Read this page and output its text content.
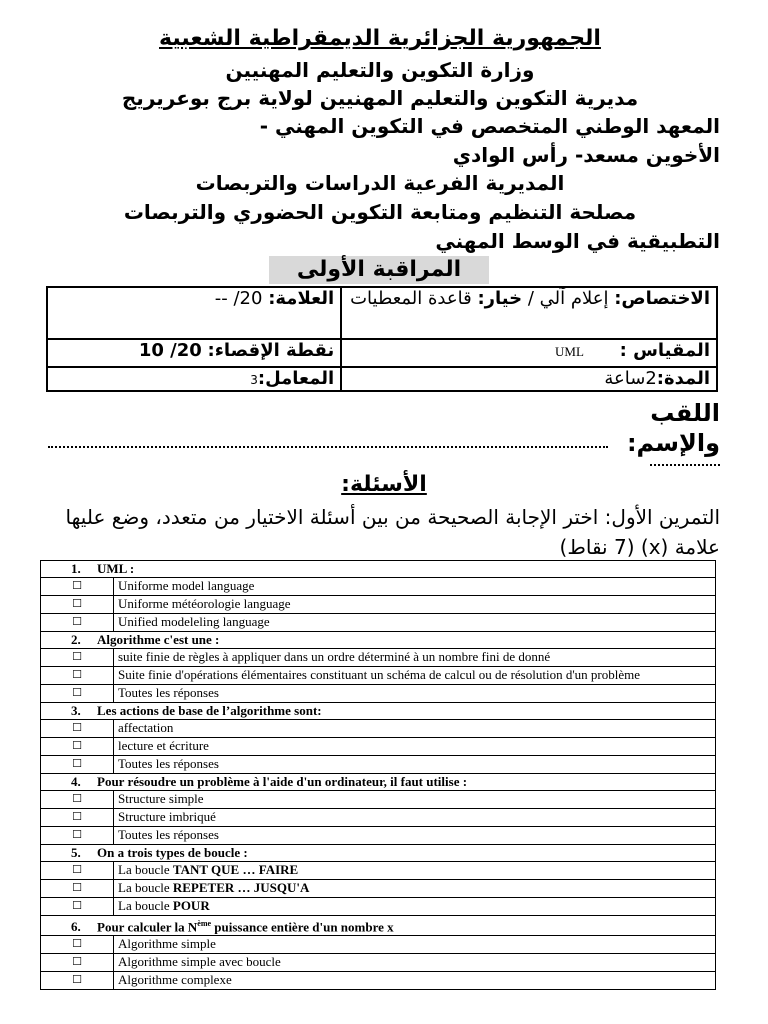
الجمهورية الجزائرية الديمقراطية الشعبية
وزارة التكوين والتعليم المهنيين
مديرية التكوين والتعليم المهنيين لولاية برج بوعريريج
المعهد الوطني المتخصص في التكوين المهني -
الأخوين مسعد- رأس الوادي
المديرية الفرعية الدراسات والتربصات
مصلحة التنظيم ومتابعة التكوين الحضوري والتربصات
التطبيقية في الوسط المهني
المراقبة الأولى
الاختصاص: إعلام آلي / خيار: قاعدة المعطيات	العلامة: -- /20
المقياس : UML	نقطة الإقصاء: 10 /20
المدة:2ساعة	المعامل:3
اللقب والإسم:
الأسئلة:
التمرين الأول: اختر الإجابة الصحيحة من بين أسئلة الاختيار من متعدد، وضع عليها علامة (x) (7 نقاط)
1. UML :	
☐	Uniforme model language
☐	Uniforme météorologie language
☐	Unified modeleling language
2. Algorithme c'est une :	
☐	suite finie de règles à appliquer dans un ordre déterminé à un nombre fini de donné
☐	Suite finie d'opérations élémentaires constituant un schéma de calcul ou de résolution d'un problème
☐	Toutes les réponses
3. Les actions de base de l’algorithme sont:	
☐	affectation
☐	lecture et écriture
☐	Toutes les réponses
4. Pour résoudre un problème à l'aide d'un ordinateur, il faut utilise :	
☐	Structure simple
☐	Structure imbriqué
☐	Toutes les réponses
5. On a trois types de boucle :	
☐	La boucle TANT QUE … FAIRE
☐	La boucle REPETER … JUSQU'A
☐	La boucle POUR
6. Pour calculer la $N^{ème}$ puissance entière d'un nombre x	
☐	Algorithme simple
☐	Algorithme simple avec boucle
☐	Algorithme complexe
